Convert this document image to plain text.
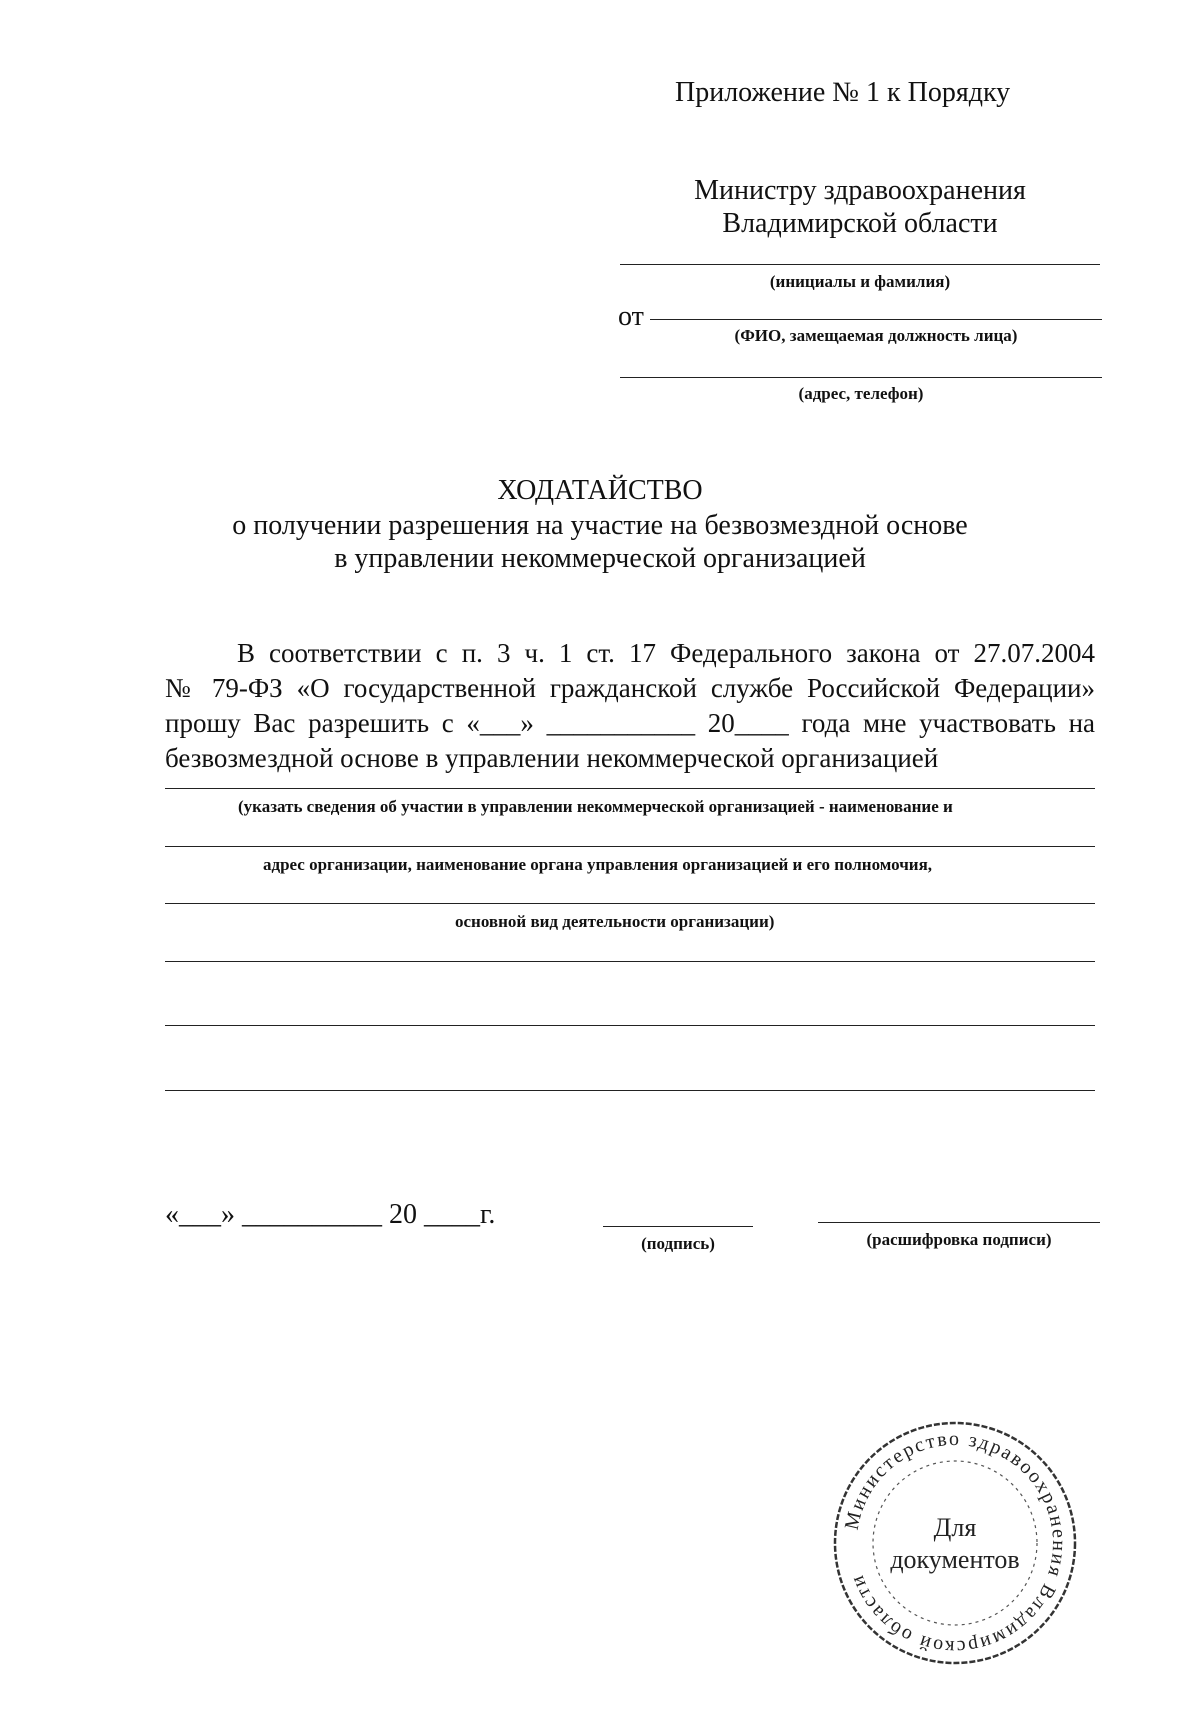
Приложение № 1 к Порядку
Министру здравоохранения
Владимирской области
(инициалы и фамилия)
от
(ФИО, замещаемая должность лица)
(адрес, телефон)
ХОДАТАЙСТВО
о получении разрешения на участие на безвозмездной основе
в управлении некоммерческой организацией
В соответствии с п. 3 ч. 1 ст. 17 Федерального закона от 27.07.2004
№ 79-ФЗ «О государственной гражданской службе Российской Федерации»
прошу Вас разрешить с «___» ___________ 20____ года мне участвовать на
безвозмездной основе в управлении некоммерческой организацией
(указать сведения об участии в управлении некоммерческой организацией - наименование и
адрес организации, наименование органа управления организацией и его полномочия,
основной вид деятельности организации)
«___» __________ 20 ____г.
(подпись)	(расшифровка подписи)
Министерство здравоохранения Владимирской области
Для
документов
